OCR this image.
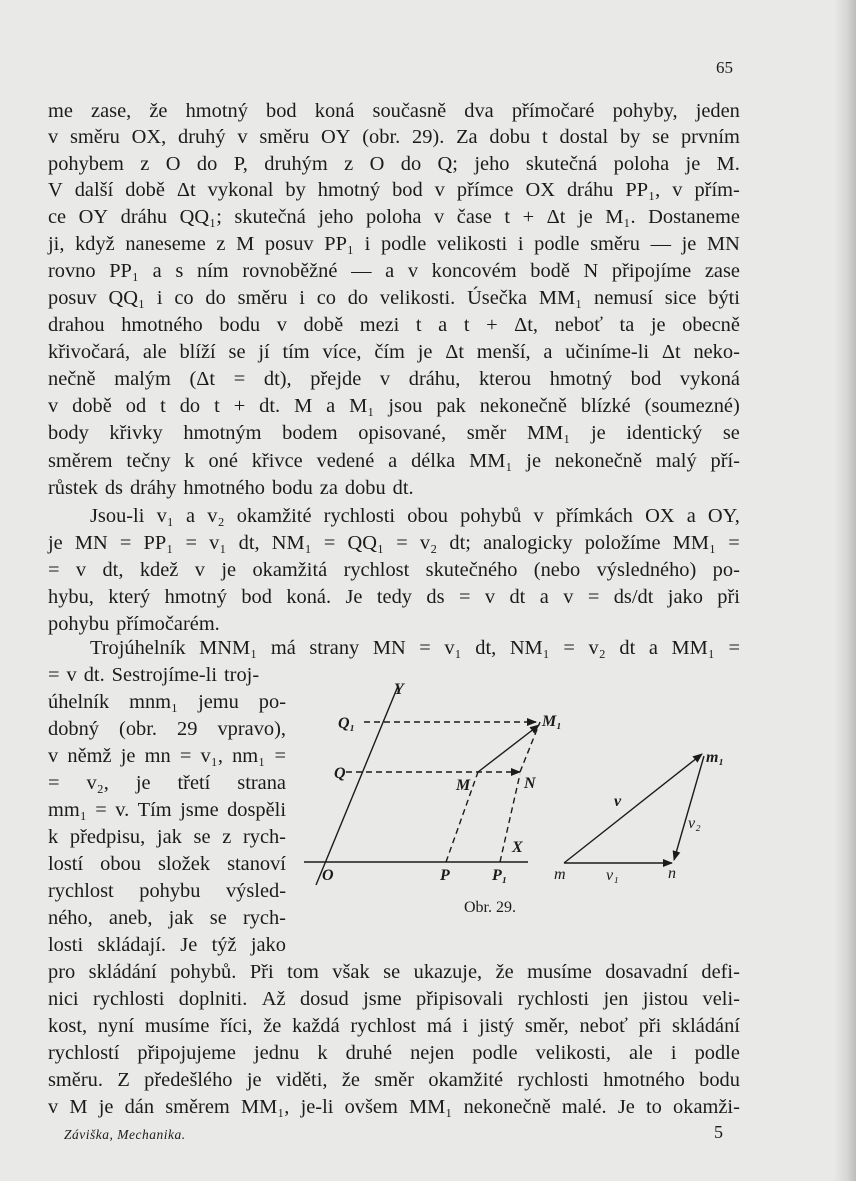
65
me zase, že hmotný bod koná současně dva přímočaré pohyby, jeden
v směru OX, druhý v směru OY (obr. 29). Za dobu t dostal by se prvním
pohybem z O do P, druhým z O do Q; jeho skutečná poloha je M.
V další době Δt vykonal by hmotný bod v přímce OX dráhu PP₁, v přím-
ce OY dráhu QQ₁; skutečná jeho poloha v čase t + Δt je M₁. Dostaneme
ji, když naneseme z M posuv PP₁ i podle velikosti i podle směru — je MN
rovno PP₁ a s ním rovnoběžné — a v koncovém bodě N připojíme zase
posuv QQ₁ i co do směru i co do velikosti. Úsečka MM₁ nemusí sice býti
drahou hmotného bodu v době mezi t a t + Δt, neboť ta je obecně
křivočará, ale blíží se jí tím více, čím je Δt menší, a učiníme-li Δt neko-
nečně malým (Δt = dt), přejde v dráhu, kterou hmotný bod vykoná
v době od t do t + dt. M a M₁ jsou pak nekonečně blízké (soumezné)
body křivky hmotným bodem opisované, směr MM₁ je identický se
směrem tečny k oné křivce vedené a délka MM₁ je nekonečně malý pří-
růstek ds dráhy hmotného bodu za dobu dt.
Jsou-li v₁ a v₂ okamžité rychlosti obou pohybů v přímkách OX a OY,
je MN = PP₁ = v₁ dt, NM₁ = QQ₁ = v₂ dt; analogicky položíme MM₁ =
= v dt, kdež v je okamžitá rychlost skutečného (nebo výsledného) po-
hybu, který hmotný bod koná. Je tedy ds = v dt a v = ds/dt jako při
pohybu přímočarém.
Trojúhelník MNM₁ má strany MN = v₁ dt, NM₁ = v₂ dt a MM₁ =
= v dt. Sestrojíme-li troj-
úhelník mnm₁ jemu po-
dobný (obr. 29 vpravo),
v němž je mn = v₁, nm₁ =
= v₂, je třetí strana
mm₁ = v. Tím jsme dospěli
k předpisu, jak se z rych-
lostí obou složek stanoví
rychlost pohybu výsled-
ného, aneb, jak se rych-
losti skládají. Je týž jako
pro skládání pohybů. Při tom však se ukazuje, že musíme dosavadní defi-
nici rychlosti doplniti. Až dosud jsme připisovali rychlosti jen jistou veli-
kost, nyní musíme říci, že každá rychlost má i jistý směr, neboť při skládání
rychlostí připojujeme jednu k druhé nejen podle velikosti, ale i podle
směru. Z předešlého je viděti, že směr okamžité rychlosti hmotného bodu
v M je dán směrem MM₁, je-li ovšem MM₁ nekonečně malé. Je to okamži-
Y
Q₁
Q
M₁
M	N
X
O	P	P₁	m	v₁	n
m₁
v
v₂
Obr. 29.
Záviška, Mechanika.	5
